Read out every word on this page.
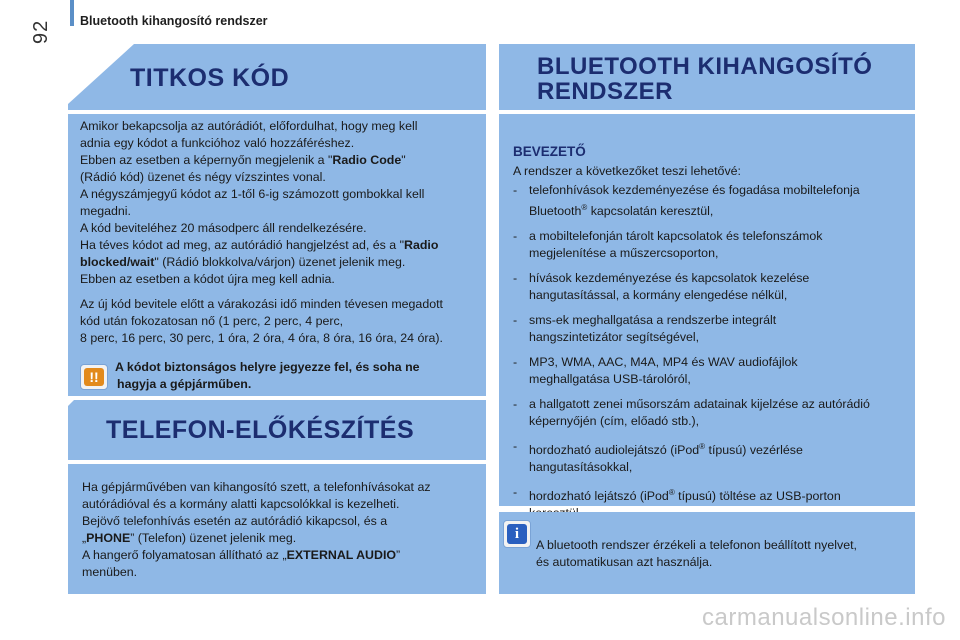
92 Bluetooth kihangosító rendszer
TITKOS KÓD

Amikor bekapcsolja az autórádiót, előfordulhat, hogy meg kell

adnia egy kódot a funkcióhoz való hozzáféréshez.

Ebben az esetben a képernyőn megjelenik a "Radio Code"

(Rádió kód) üzenet és négy vízszintes vonal.

A négyszámjegyű kódot az 1-től 6-ig számozott gombokkal kell

megadni.

A kód beviteléhez 20 másodperc áll rendelkezésére.

Ha téves kódot ad meg, az autórádió hangjelzést ad, és a "Radio

blocked/wait" (Rádió blokkolva/várjon) üzenet jelenik meg.

Ebben az esetben a kódot újra meg kell adnia.

Az új kód bevitele előtt a várakozási idő minden tévesen megadott

kód után fokozatosan nő (1 perc, 2 perc, 4 perc,

8 perc, 16 perc, 30 perc, 1 óra, 2 óra, 4 óra, 8 óra, 16 óra, 24 óra).

!!

A kódot biztonságos helyre jegyezze fel, és soha ne

hagyja a gépjárműben.

TELEFON-ELŐKÉSZÍTÉS

Ha gépjárművében van kihangosító szett, a telefonhívásokat az

autórádióval és a kormány alatti kapcsolókkal is kezelheti.

Bejövő telefonhívás esetén az autórádió kikapcsol, és a

„PHONE” (Telefon) üzenet jelenik meg.

A hangerő folyamatosan állítható az „EXTERNAL AUDIO”

menüben.

BLUETOOTH KIHANGOSÍTÓ
RENDSZER
BEVEZETŐ

A rendszer a következőket teszi lehetővé:

- telefonhívások kezdeményezése és fogadása mobiltelefonja
Bluetooth® kapcsolatán keresztül,
- a mobiltelefonján tárolt kapcsolatok és telefonszámok
megjelenítése a műszercsoporton,
- hívások kezdeményezése és kapcsolatok kezelése
hangutasítással, a kormány elengedése nélkül,
- sms-ek meghallgatása a rendszerbe integrált
hangszintetizátor segítségével,
- MP3, WMA, AAC, M4A, MP4 és WAV audiofájlok
meghallgatása USB-tárolóról,
- a hallgatott zenei műsorszám adatainak kijelzése az autórádió
képernyőjén (cím, előadó stb.),
- hordozható audiolejátszó (iPod® típusú) vezérlése
hangutasításokkal,
- hordozható lejátszó (iPod® típusú) töltése az USB-porton

i

A bluetooth rendszer érzékeli a telefonon beállított nyelvet,

és automatikusan azt használja.

carmanualsonline.info
